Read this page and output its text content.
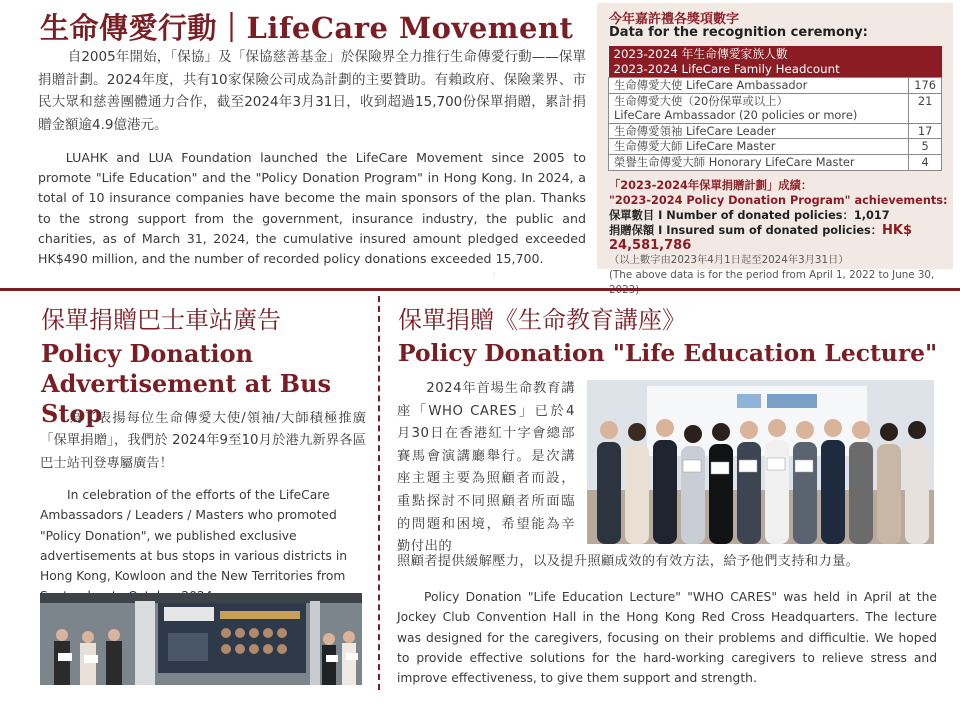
生命傳愛行動｜LifeCare Movement

自2005年開始，「保協」及「保協慈善基金」於保險界全力推行生命傳愛行動——保單捐贈計劃。2024年度，共有10家保險公司成為計劃的主要贊助。有賴政府、保險業界、市民大眾和慈善團體通力合作，截至2024年3月31日，收到超過15,700份保單捐贈，累計捐贈金額逾4.9億港元。

LUAHK and LUA Foundation launched the LifeCare Movement since 2005 to promote "Life Education" and the "Policy Donation Program" in Hong Kong. In 2024, a total of 10 insurance companies have become the main sponsors of the plan. Thanks to the strong support from the government, insurance industry, the public and charities, as of March 31, 2024, the cumulative insured amount pledged exceeded HK$490 million, and the number of recorded policy donations exceeded 15,700.

今年嘉許禮各獎項數字
Data for the recognition ceremony:
2023-2024 年生命傳愛家族人數
2023-2024 LifeCare Family Headcount	

生命傳愛大使 LifeCare Ambassador	176

生命傳愛大使（20份保單或以上）
LifeCare Ambassador (20 policies or more)	21
生命傳愛領袖 LifeCare Leader	17
生命傳愛大師 LifeCare Master	5
榮譽生命傳愛大師 Honorary LifeCare Master	4
「2023-2024年保單捐贈計劃」成績：
"2023-2024 Policy Donation Program" achievements:
保單數目 I Number of donated policies：1,017
捐贈保額 I Insured sum of donated policies：HK$ 24,581,786
（以上數字由2023年4月1日起至2024年3月31日）
(The above data is for the period from April 1, 2022 to June 30,
保單捐贈巴士車站廣告
Policy Donation
Advertisement at Bus Stop

為了表揚每位生命傳愛大使/領袖/大師積極推廣「保單捐贈」，我們於 2024年9至10月於港九新界各區巴士站刊登專屬廣告！

In celebration of the efforts of the LifeCare Ambassadors / Leaders / Masters who promoted "Policy Donation", we published exclusive advertisements at bus stops in various districts in Hong Kong, Kowloon and the New Territories from

·
保單捐贈《生命教育講座》
Policy Donation "Life Education Lecture"

2024年首場生命教育講座「WHO CARES」已於4月30日在香港紅十字會總部賽馬會演講廳舉行。是次講座主題主要為照顧者而設，重點探討不同照顧者所面臨的問題和困境，希望能為辛勤付出的

照顧者提供緩解壓力，以及提升照顧成效的有效方法，給予他們支持和力量。

Policy Donation "Life Education Lecture" "WHO CARES" was held in April at the Jockey Club Convention Hall in the Hong Kong Red Cross Headquarters. The lecture was designed for the caregivers, focusing on their problems and difficultie. We hoped to provide effective solutions for the hard-working caregivers to relieve stress and improve effectiveness, to give them support and strength.
